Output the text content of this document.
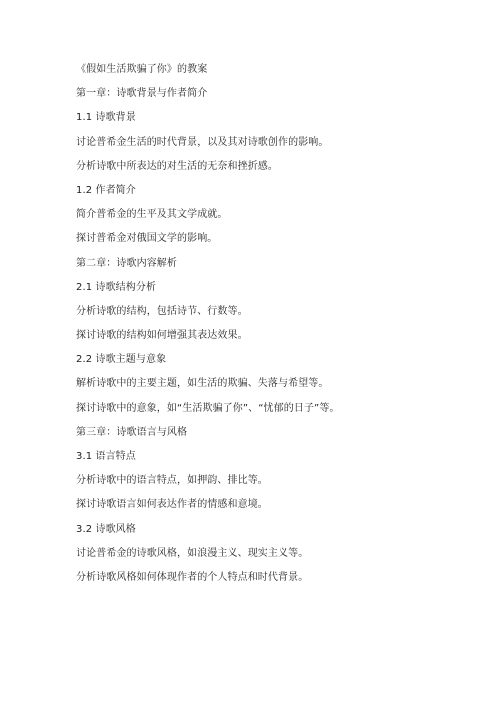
《假如生活欺骗了你》的教案
第一章：诗歌背景与作者简介
1.1 诗歌背景
讨论普希金生活的时代背景，以及其对诗歌创作的影响。
分析诗歌中所表达的对生活的无奈和挫折感。
1.2 作者简介
简介普希金的生平及其文学成就。
探讨普希金对俄国文学的影响。
第二章：诗歌内容解析
2.1 诗歌结构分析
分析诗歌的结构，包括诗节、行数等。
探讨诗歌的结构如何增强其表达效果。
2.2 诗歌主题与意象
解析诗歌中的主要主题，如生活的欺骗、失落与希望等。
探讨诗歌中的意象，如“生活欺骗了你”、“忧郁的日子”等。
第三章：诗歌语言与风格
3.1 语言特点
分析诗歌中的语言特点，如押韵、排比等。
探讨诗歌语言如何表达作者的情感和意境。
3.2 诗歌风格
讨论普希金的诗歌风格，如浪漫主义、现实主义等。
分析诗歌风格如何体现作者的个人特点和时代背景。
